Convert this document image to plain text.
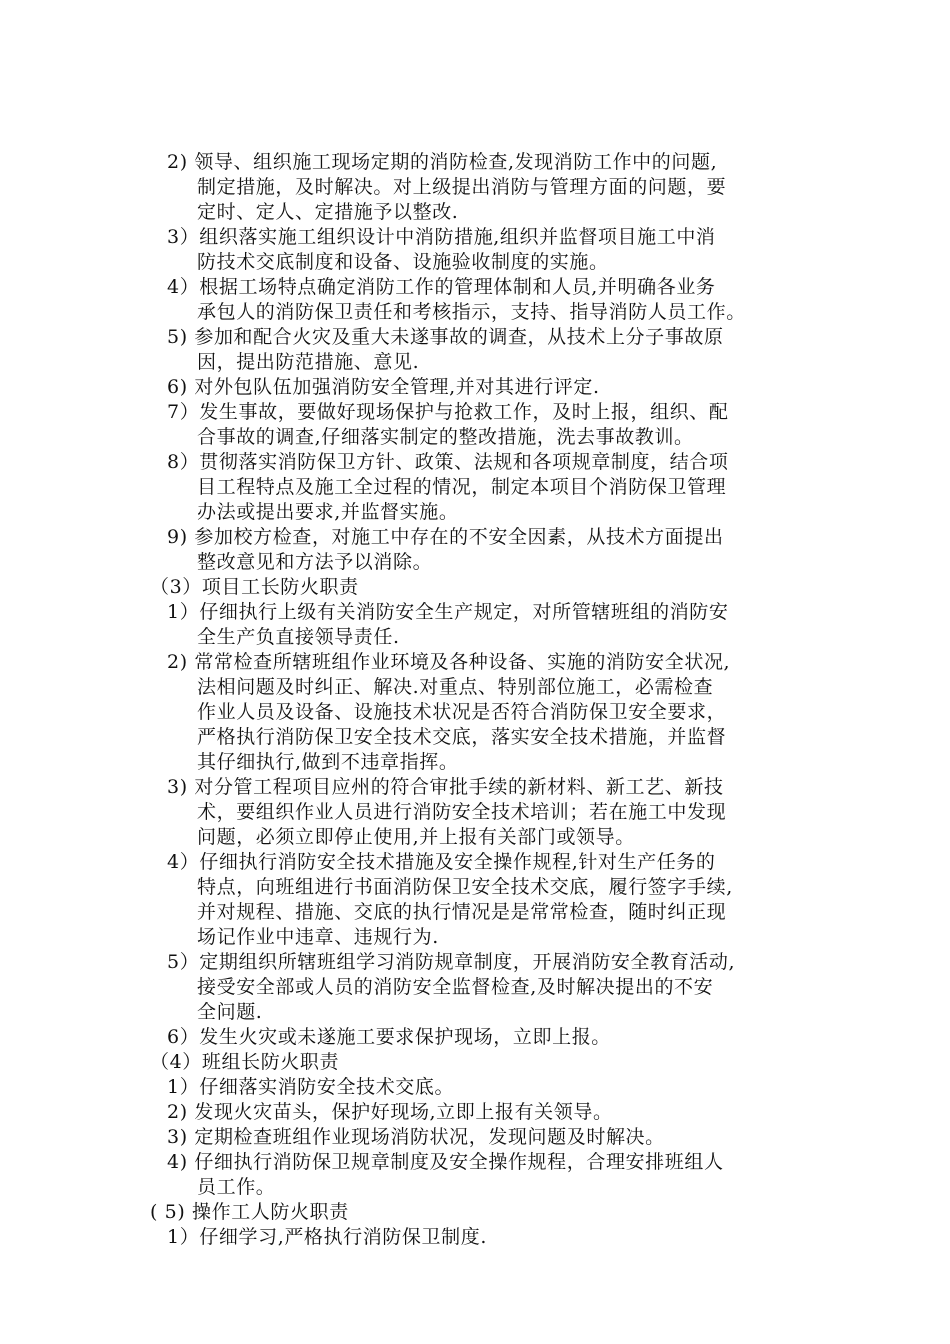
2) 领导、组织施工现场定期的消防检查,发现消防工作中的问题,
制定措施，及时解决。对上级提出消防与管理方面的问题，要
定时、定人、定措施予以整改.
3）组织落实施工组织设计中消防措施,组织并监督项目施工中消
防技术交底制度和设备、设施验收制度的实施。
4）根据工场特点确定消防工作的管理体制和人员,并明确各业务
承包人的消防保卫责任和考核指示，支持、指导消防人员工作。
5) 参加和配合火灾及重大未遂事故的调查，从技术上分子事故原
因，提出防范措施、意见.
6) 对外包队伍加强消防安全管理,并对其进行评定.
7）发生事故，要做好现场保护与抢救工作，及时上报，组织、配
合事故的调查,仔细落实制定的整改措施，洗去事故教训。
8）贯彻落实消防保卫方针、政策、法规和各项规章制度，结合项
目工程特点及施工全过程的情况，制定本项目个消防保卫管理
办法或提出要求,并监督实施。
9) 参加校方检查，对施工中存在的不安全因素，从技术方面提出
整改意见和方法予以消除。
（3）项目工长防火职责
1）仔细执行上级有关消防安全生产规定，对所管辖班组的消防安
全生产负直接领导责任.
2) 常常检查所辖班组作业环境及各种设备、实施的消防安全状况,
法相问题及时纠正、解决.对重点、特别部位施工，必需检查
作业人员及设备、设施技术状况是否符合消防保卫安全要求，
严格执行消防保卫安全技术交底，落实安全技术措施，并监督
其仔细执行,做到不违章指挥。
3) 对分管工程项目应州的符合审批手续的新材料、新工艺、新技
术，要组织作业人员进行消防安全技术培训；若在施工中发现
问题，必须立即停止使用,并上报有关部门或领导。
4）仔细执行消防安全技术措施及安全操作规程,针对生产任务的
特点，向班组进行书面消防保卫安全技术交底，履行签字手续,
并对规程、措施、交底的执行情况是是常常检查，随时纠正现
场记作业中违章、违规行为.
5）定期组织所辖班组学习消防规章制度，开展消防安全教育活动,
接受安全部或人员的消防安全监督检查,及时解决提出的不安
全问题.
6）发生火灾或未遂施工要求保护现场，立即上报。
（4）班组长防火职责
1）仔细落实消防安全技术交底。
2) 发现火灾苗头，保护好现场,立即上报有关领导。
3) 定期检查班组作业现场消防状况，发现问题及时解决。
4) 仔细执行消防保卫规章制度及安全操作规程，合理安排班组人
员工作。
( 5) 操作工人防火职责
1）仔细学习,严格执行消防保卫制度.
